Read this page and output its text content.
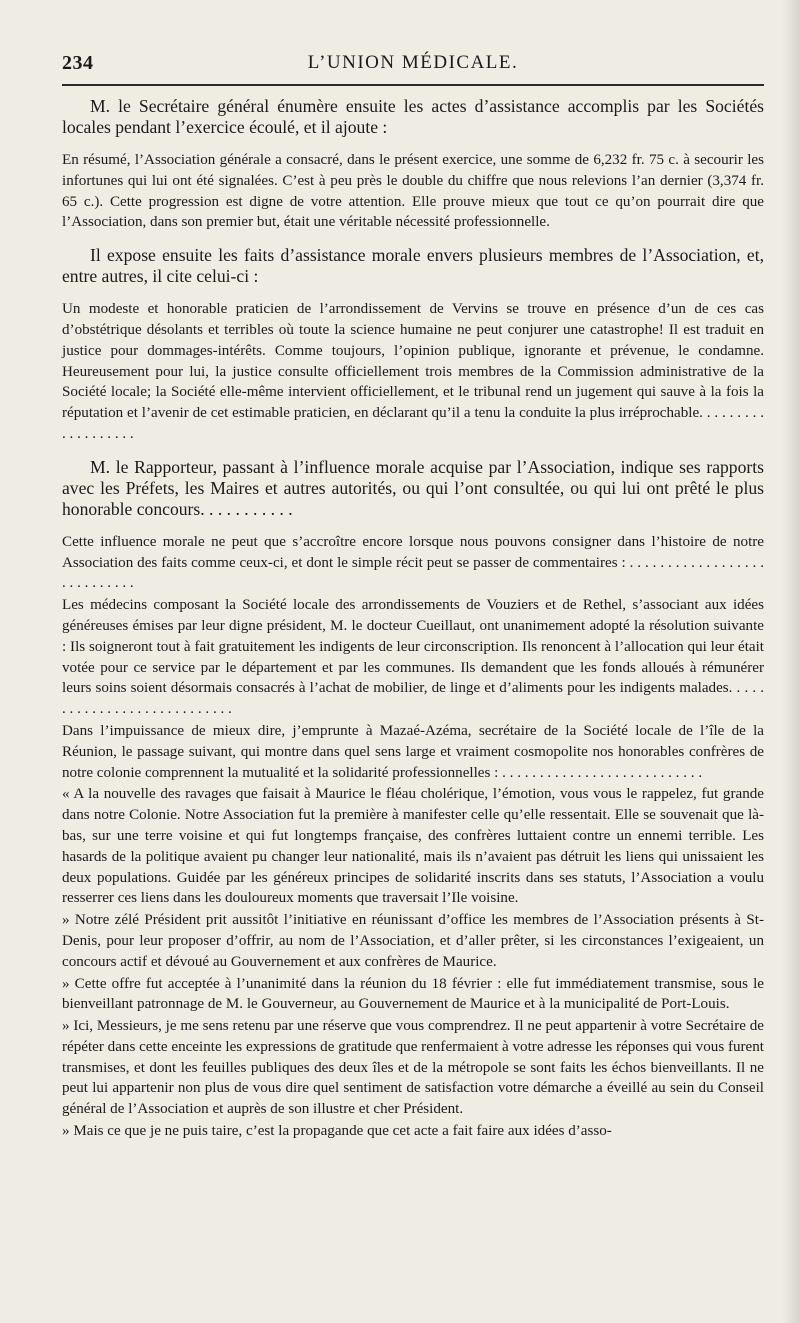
234	L’UNION MÉDICALE.

M. le Secrétaire général énumère ensuite les actes d’assistance accomplis par les Sociétés locales pendant l’exercice écoulé, et il ajoute :

En résumé, l’Association générale a consacré, dans le présent exercice, une somme de 6,232 fr. 75 c. à secourir les infortunes qui lui ont été signalées. C’est à peu près le double du chiffre que nous relevions l’an dernier (3,374 fr. 65 c.). Cette progression est digne de votre attention. Elle prouve mieux que tout ce qu’on pourrait dire que l’Association, dans son premier but, était une véritable nécessité professionnelle.

Il expose ensuite les faits d’assistance morale envers plusieurs membres de l’Association, et, entre autres, il cite celui-ci :

Un modeste et honorable praticien de l’arrondissement de Vervins se trouve en présence d’un de ces cas d’obstétrique désolants et terribles où toute la science humaine ne peut conjurer une catastrophe! Il est traduit en justice pour dommages-intérêts. Comme toujours, l’opinion publique, ignorante et prévenue, le condamne. Heureusement pour lui, la justice consulte officiellement trois membres de la Commission administrative de la Société locale; la Société elle-même intervient officiellement, et le tribunal rend un jugement qui sauve à la fois la réputation et l’avenir de cet estimable praticien, en déclarant qu’il a tenu la conduite la plus irréprochable. . . . . . . . . . . . . . . . . . .

M. le Rapporteur, passant à l’influence morale acquise par l’Association, indique ses rapports avec les Préfets, les Maires et autres autorités, ou qui l’ont consultée, ou qui lui ont prêté le plus honorable concours. . . . . . . . . . .

Cette influence morale ne peut que s’accroître encore lorsque nous pouvons consigner dans l’histoire de notre Association des faits comme ceux-ci, et dont le simple récit peut se passer de commentaires : . . . . . . . . . . . . . . . . . . . . . . . . . . . .

Les médecins composant la Société locale des arrondissements de Vouziers et de Rethel, s’associant aux idées généreuses émises par leur digne président, M. le docteur Cueillaut, ont unanimement adopté la résolution suivante : Ils soigneront tout à fait gratuitement les indigents de leur circonscription. Ils renoncent à l’allocation qui leur était votée pour ce service par le département et par les communes. Ils demandent que les fonds alloués à rémunérer leurs soins soient désormais consacrés à l’achat de mobilier, de linge et d’aliments pour les indigents malades. . . . . . . . . . . . . . . . . . . . . . . . . . . .

Dans l’impuissance de mieux dire, j’emprunte à Mazaé-Azéma, secrétaire de la Société locale de l’île de la Réunion, le passage suivant, qui montre dans quel sens large et vraiment cosmopolite nos honorables confrères de notre colonie comprennent la mutualité et la solidarité professionnelles : . . . . . . . . . . . . . . . . . . . . . . . . . . .

« A la nouvelle des ravages que faisait à Maurice le fléau cholérique, l’émotion, vous vous le rappelez, fut grande dans notre Colonie. Notre Association fut la première à manifester celle qu’elle ressentait. Elle se souvenait que là-bas, sur une terre voisine et qui fut longtemps française, des confrères luttaient contre un ennemi terrible. Les hasards de la politique avaient pu changer leur nationalité, mais ils n’avaient pas détruit les liens qui unissaient les deux populations. Guidée par les généreux principes de solidarité inscrits dans ses statuts, l’Association a voulu resserrer ces liens dans les douloureux moments que traversait l’Ile voisine.

» Notre zélé Président prit aussitôt l’initiative en réunissant d’office les membres de l’Association présents à St-Denis, pour leur proposer d’offrir, au nom de l’Association, et d’aller prêter, si les circonstances l’exigeaient, un concours actif et dévoué au Gouvernement et aux confrères de Maurice.

» Cette offre fut acceptée à l’unanimité dans la réunion du 18 février : elle fut immédiatement transmise, sous le bienveillant patronnage de M. le Gouverneur, au Gouvernement de Maurice et à la municipalité de Port-Louis.

» Ici, Messieurs, je me sens retenu par une réserve que vous comprendrez. Il ne peut appartenir à votre Secrétaire de répéter dans cette enceinte les expressions de gratitude que renfermaient à votre adresse les réponses qui vous furent transmises, et dont les feuilles publiques des deux îles et de la métropole se sont faits les échos bienveillants. Il ne peut lui appartenir non plus de vous dire quel sentiment de satisfaction votre démarche a éveillé au sein du Conseil général de l’Association et auprès de son illustre et cher Président.

» Mais ce que je ne puis taire, c’est la propagande que cet acte a fait faire aux idées d’asso-
